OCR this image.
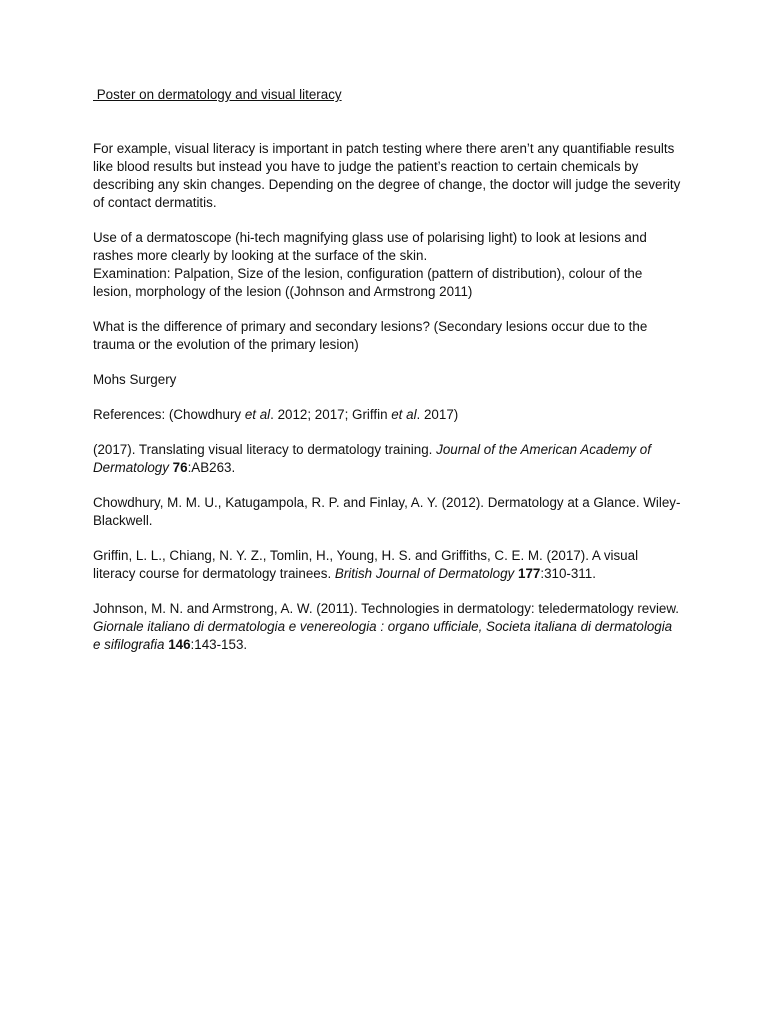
Poster on dermatology and visual literacy

For example, visual literacy is important in patch testing where there aren’t any quantifiable results like blood results but instead you have to judge the patient’s reaction to certain chemicals by describing any skin changes. Depending on the degree of change, the doctor will judge the severity of contact dermatitis.

Use of a dermatoscope (hi-tech magnifying glass use of polarising light) to look at lesions and rashes more clearly by looking at the surface of the skin.
Examination: Palpation, Size of the lesion, configuration (pattern of distribution), colour of the lesion, morphology of the lesion ((Johnson and Armstrong 2011)

What is the difference of primary and secondary lesions? (Secondary lesions occur due to the trauma or the evolution of the primary lesion)

Mohs Surgery

References: (Chowdhury et al. 2012; 2017; Griffin et al. 2017)

(2017). Translating visual literacy to dermatology training. Journal of the American Academy of Dermatology 76:AB263.

Chowdhury, M. M. U., Katugampola, R. P. and Finlay, A. Y. (2012). Dermatology at a Glance. Wiley-Blackwell.

Griffin, L. L., Chiang, N. Y. Z., Tomlin, H., Young, H. S. and Griffiths, C. E. M. (2017). A visual literacy course for dermatology trainees. British Journal of Dermatology 177:310-311.

Johnson, M. N. and Armstrong, A. W. (2011). Technologies in dermatology: teledermatology review. Giornale italiano di dermatologia e venereologia : organo ufficiale, Societa italiana di dermatologia e sifilografia 146:143-153.
